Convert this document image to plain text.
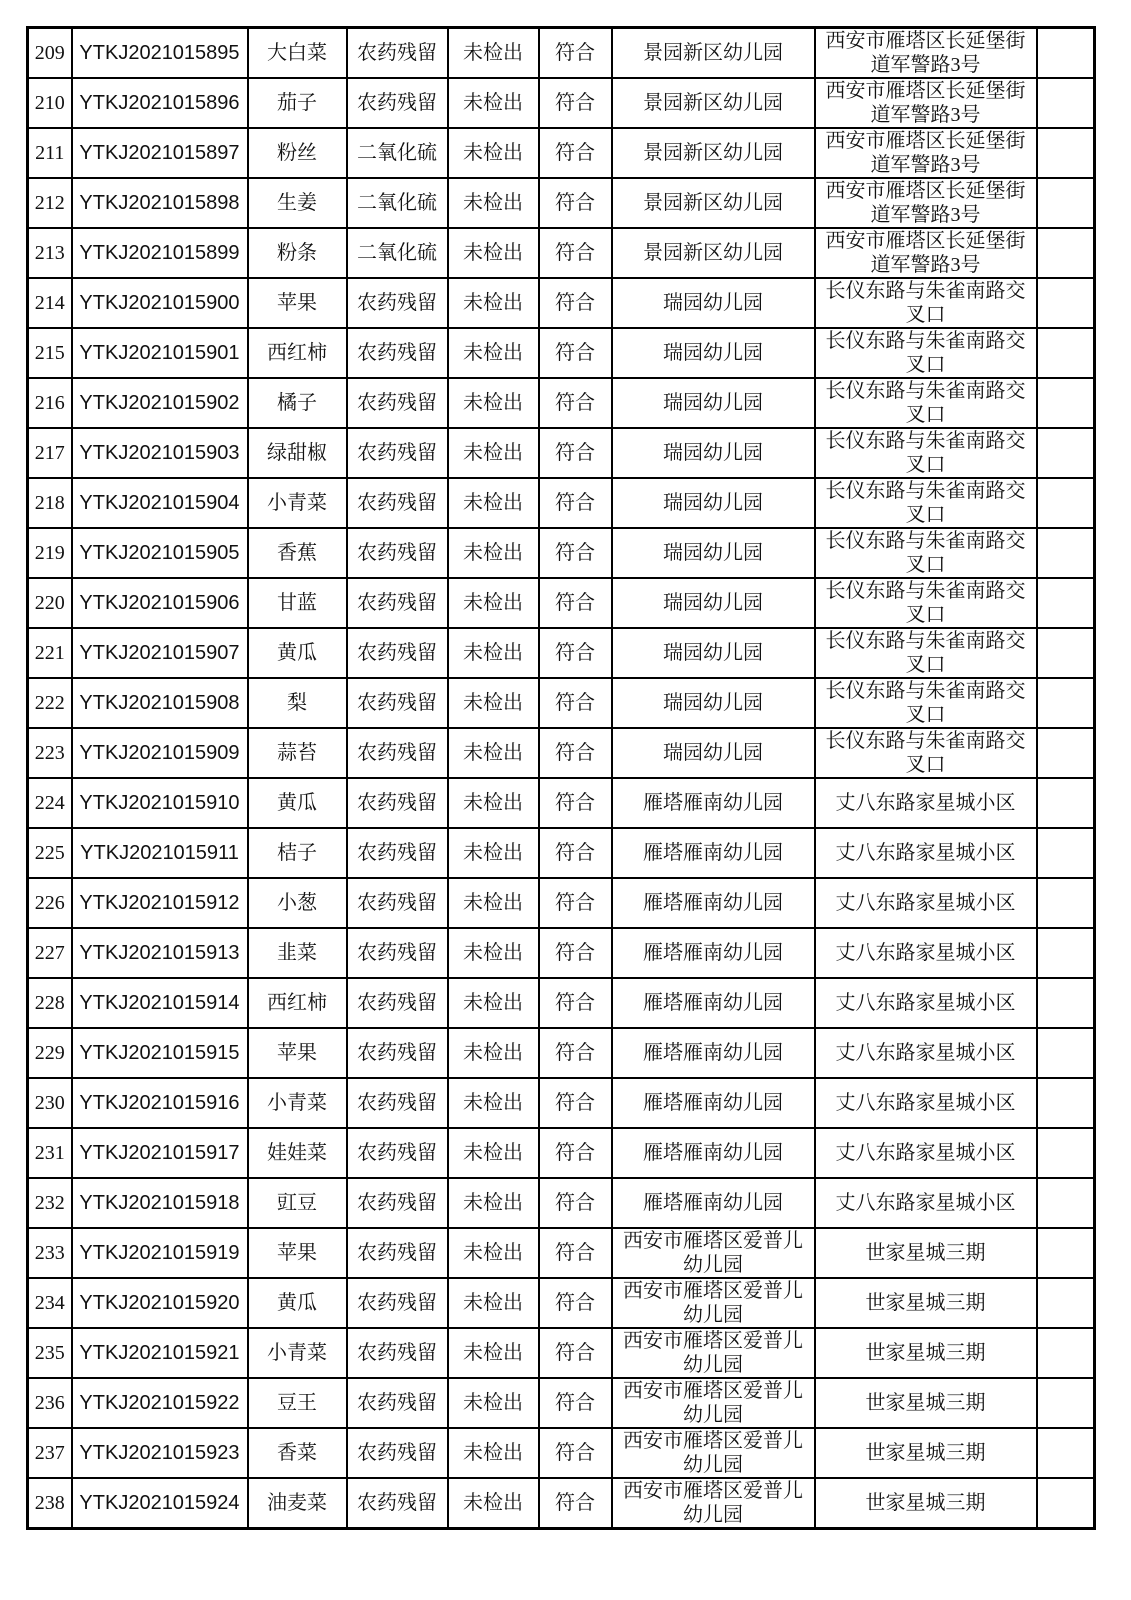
209	YTKJ2021015895	大白菜	农药残留	未检出	符合	景园新区幼儿园	西安市雁塔区长延堡街道军警路3号	
210	YTKJ2021015896	茄子	农药残留	未检出	符合	景园新区幼儿园	西安市雁塔区长延堡街道军警路3号	
211	YTKJ2021015897	粉丝	二氧化硫	未检出	符合	景园新区幼儿园	西安市雁塔区长延堡街道军警路3号	
212	YTKJ2021015898	生姜	二氧化硫	未检出	符合	景园新区幼儿园	西安市雁塔区长延堡街道军警路3号	
213	YTKJ2021015899	粉条	二氧化硫	未检出	符合	景园新区幼儿园	西安市雁塔区长延堡街道军警路3号	
214	YTKJ2021015900	苹果	农药残留	未检出	符合	瑞园幼儿园	长仪东路与朱雀南路交叉口	
215	YTKJ2021015901	西红柿	农药残留	未检出	符合	瑞园幼儿园	长仪东路与朱雀南路交叉口	
216	YTKJ2021015902	橘子	农药残留	未检出	符合	瑞园幼儿园	长仪东路与朱雀南路交叉口	
217	YTKJ2021015903	绿甜椒	农药残留	未检出	符合	瑞园幼儿园	长仪东路与朱雀南路交叉口	
218	YTKJ2021015904	小青菜	农药残留	未检出	符合	瑞园幼儿园	长仪东路与朱雀南路交叉口	
219	YTKJ2021015905	香蕉	农药残留	未检出	符合	瑞园幼儿园	长仪东路与朱雀南路交叉口	
220	YTKJ2021015906	甘蓝	农药残留	未检出	符合	瑞园幼儿园	长仪东路与朱雀南路交叉口	
221	YTKJ2021015907	黄瓜	农药残留	未检出	符合	瑞园幼儿园	长仪东路与朱雀南路交叉口	
222	YTKJ2021015908	梨	农药残留	未检出	符合	瑞园幼儿园	长仪东路与朱雀南路交叉口	
223	YTKJ2021015909	蒜苔	农药残留	未检出	符合	瑞园幼儿园	长仪东路与朱雀南路交叉口	
224	YTKJ2021015910	黄瓜	农药残留	未检出	符合	雁塔雁南幼儿园	丈八东路家星城小区	
225	YTKJ2021015911	桔子	农药残留	未检出	符合	雁塔雁南幼儿园	丈八东路家星城小区	
226	YTKJ2021015912	小葱	农药残留	未检出	符合	雁塔雁南幼儿园	丈八东路家星城小区	
227	YTKJ2021015913	韭菜	农药残留	未检出	符合	雁塔雁南幼儿园	丈八东路家星城小区	
228	YTKJ2021015914	西红柿	农药残留	未检出	符合	雁塔雁南幼儿园	丈八东路家星城小区	
229	YTKJ2021015915	苹果	农药残留	未检出	符合	雁塔雁南幼儿园	丈八东路家星城小区	
230	YTKJ2021015916	小青菜	农药残留	未检出	符合	雁塔雁南幼儿园	丈八东路家星城小区	
231	YTKJ2021015917	娃娃菜	农药残留	未检出	符合	雁塔雁南幼儿园	丈八东路家星城小区	
232	YTKJ2021015918	豇豆	农药残留	未检出	符合	雁塔雁南幼儿园	丈八东路家星城小区	
233	YTKJ2021015919	苹果	农药残留	未检出	符合	西安市雁塔区爱普儿幼儿园	世家星城三期	
234	YTKJ2021015920	黄瓜	农药残留	未检出	符合	西安市雁塔区爱普儿幼儿园	世家星城三期	
235	YTKJ2021015921	小青菜	农药残留	未检出	符合	西安市雁塔区爱普儿幼儿园	世家星城三期	
236	YTKJ2021015922	豆王	农药残留	未检出	符合	西安市雁塔区爱普儿幼儿园	世家星城三期	
237	YTKJ2021015923	香菜	农药残留	未检出	符合	西安市雁塔区爱普儿幼儿园	世家星城三期	
238	YTKJ2021015924	油麦菜	农药残留	未检出	符合	西安市雁塔区爱普儿幼儿园	世家星城三期	
